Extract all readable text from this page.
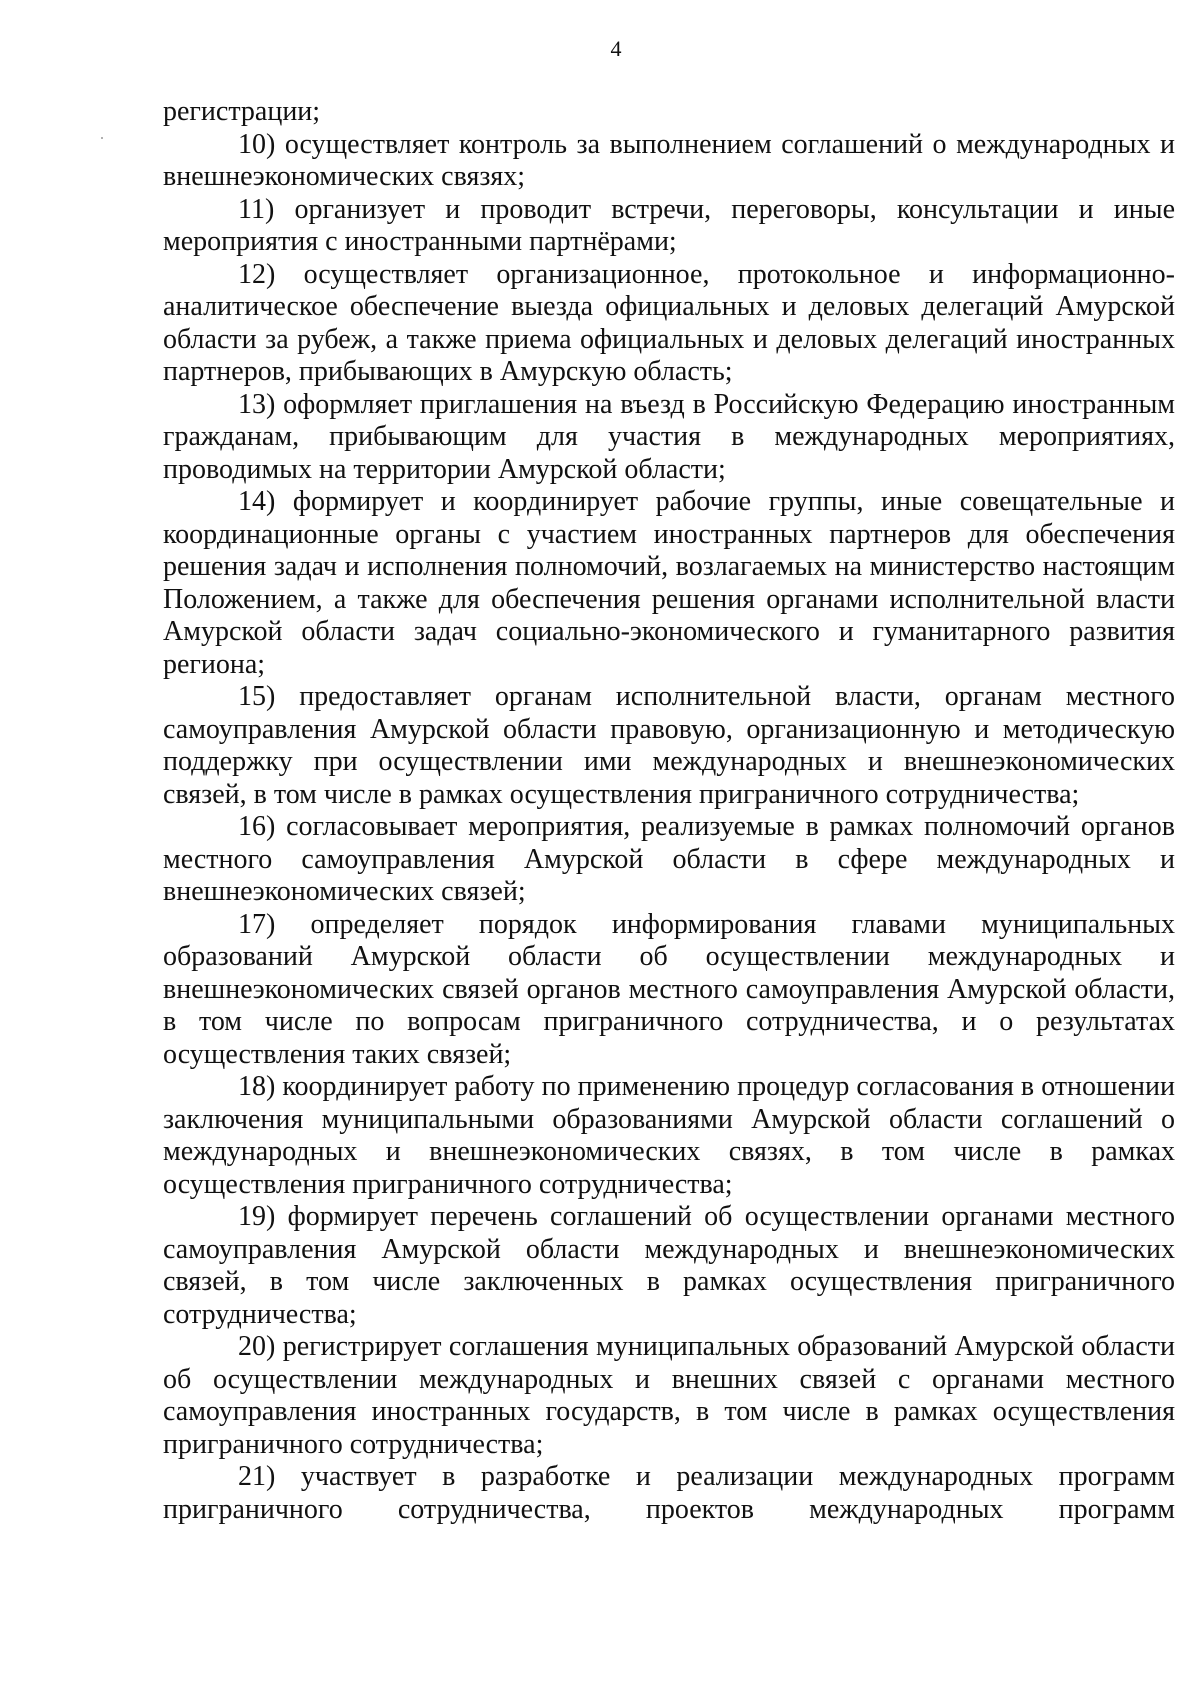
4

регистрации;

10) осуществляет контроль за выполнением соглашений о международных и внешнеэкономических связях;

11) организует и проводит встречи, переговоры, консультации и иные мероприятия с иностранными партнёрами;

12) осуществляет организационное, протокольное и информационно-аналитическое обеспечение выезда официальных и деловых делегаций Амурской области за рубеж, а также приема официальных и деловых делегаций иностранных партнеров, прибывающих в Амурскую область;

13) оформляет приглашения на въезд в Российскую Федерацию иностранным гражданам, прибывающим для участия в международных мероприятиях, проводимых на территории Амурской области;

14) формирует и координирует рабочие группы, иные совещательные и координационные органы с участием иностранных партнеров для обеспечения решения задач и исполнения полномочий, возлагаемых на министерство настоящим Положением, а также для обеспечения решения органами исполнительной власти Амурской области задач социально-экономического и гуманитарного развития региона;

15) предоставляет органам исполнительной власти, органам местного самоуправления Амурской области правовую, организационную и методическую поддержку при осуществлении ими международных и внешнеэкономических связей, в том числе в рамках осуществления приграничного сотрудничества;

16) согласовывает мероприятия, реализуемые в рамках полномочий органов местного самоуправления Амурской области в сфере международных и внешнеэкономических связей;

17) определяет порядок информирования главами муниципальных образований Амурской области об осуществлении международных и внешнеэкономических связей органов местного самоуправления Амурской области, в том числе по вопросам приграничного сотрудничества, и о результатах осуществления таких связей;

18) координирует работу по применению процедур согласования в отношении заключения муниципальными образованиями Амурской области соглашений о международных и внешнеэкономических связях, в том числе в рамках осуществления приграничного сотрудничества;

19) формирует перечень соглашений об осуществлении органами местного самоуправления Амурской области международных и внешнеэкономических связей, в том числе заключенных в рамках осуществления приграничного сотрудничества;

20) регистрирует соглашения муниципальных образований Амурской области об осуществлении международных и внешних связей с органами местного самоуправления иностранных государств, в том числе в рамках осуществления приграничного сотрудничества;

21) участвует в разработке и реализации международных программ приграничного сотрудничества, проектов международных программ
